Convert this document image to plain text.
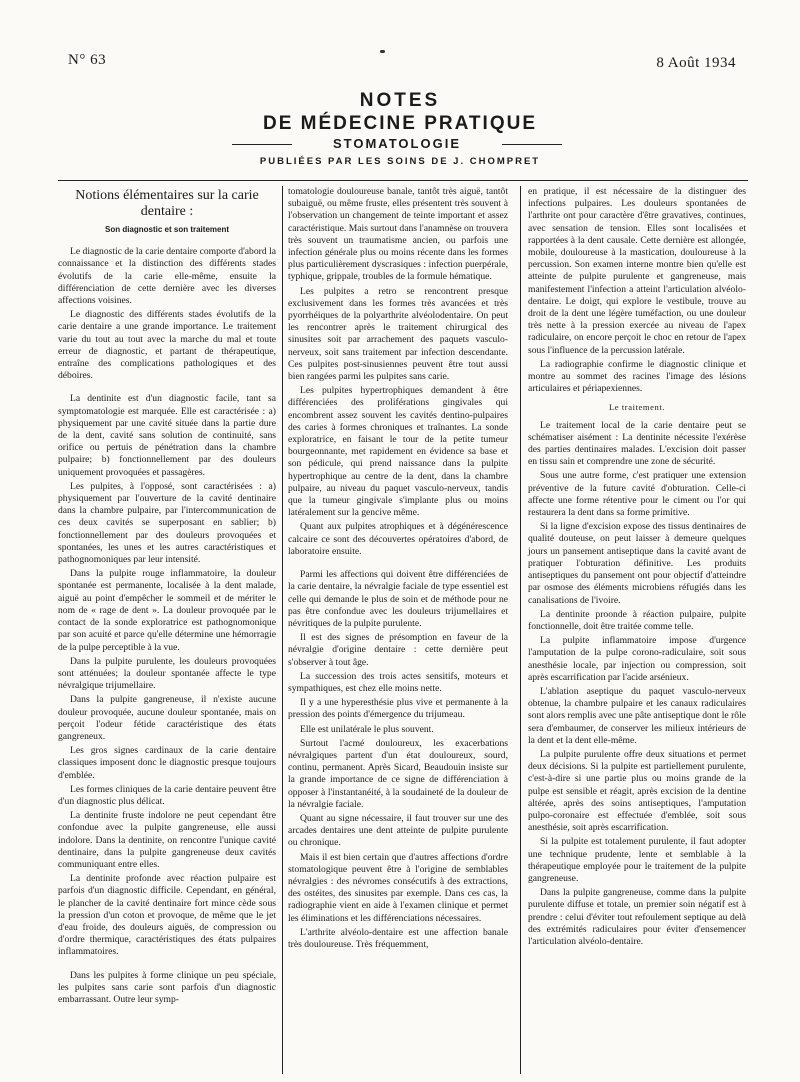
N° 63	8 Août 1934
NOTES
DE MÉDECINE PRATIQUE
STOMATOLOGIE
PUBLIÉES PAR LES SOINS DE J. CHOMPRET
Notions élémentaires sur la carie dentaire :
Son diagnostic et son traitement

Le diagnostic de la carie dentaire comporte d'abord la connaissance et la distinction des différents stades évolutifs de la carie elle-même, ensuite la différenciation de cette dernière avec les diverses affections voisines.

Le diagnostic des différents stades évolutifs de la carie dentaire a une grande importance. Le traitement varie du tout au tout avec la marche du mal et toute erreur de diagnostic, et partant de thérapeutique, entraîne des complications pathologiques et des déboires.

La dentinite est d'un diagnostic facile, tant sa symptomatologie est marquée. Elle est caractérisée : a) physiquement par une cavité située dans la partie dure de la dent, cavité sans solution de continuité, sans orifice ou pertuis de pénétration dans la chambre pulpaire; b) fonctionnellement par des douleurs uniquement provoquées et passagères.

Les pulpites, à l'opposé, sont caractérisées : a) physiquement par l'ouverture de la cavité dentinaire dans la chambre pulpaire, par l'intercommunication de ces deux cavités se superposant en sablier; b) fonctionnellement par des douleurs provoquées et spontanées, les unes et les autres caractéristiques et pathognomoniques par leur intensité.

Dans la pulpite rouge inflammatoire, la douleur spontanée est permanente, localisée à la dent malade, aiguë au point d'empêcher le sommeil et de mériter le nom de « rage de dent ». La douleur provoquée par le contact de la sonde exploratrice est pathognomonique par son acuité et parce qu'elle détermine une hémorragie de la pulpe perceptible à la vue.

Dans la pulpite purulente, les douleurs provoquées sont atténuées; la douleur spontanée affecte le type névralgique trijumellaire.

Dans la pulpite gangreneuse, il n'existe aucune douleur provoquée, aucune douleur spontanée, mais on perçoit l'odeur fétide caractéristique des états gangreneux.

Les gros signes cardinaux de la carie dentaire classiques imposent donc le diagnostic presque toujours d'emblée.

Les formes cliniques de la carie dentaire peuvent être d'un diagnostic plus délicat.

La dentinite fruste indolore ne peut cependant être confondue avec la pulpite gangreneuse, elle aussi indolore. Dans la dentinite, on rencontre l'unique cavité dentinaire, dans la pulpite gangreneuse deux cavités communiquant entre elles.

La dentinite profonde avec réaction pulpaire est parfois d'un diagnostic difficile. Cependant, en général, le plancher de la cavité dentinaire fort mince cède sous la pression d'un coton et provoque, de même que le jet d'eau froide, des douleurs aiguës, de compression ou d'ordre thermique, caractéristiques des états pulpaires inflammatoires.

Dans les pulpites à forme clinique un peu spéciale, les pulpites sans carie sont parfois d'un diagnostic embarrassant. Outre leur symp-

tomatologie douloureuse banale, tantôt très aiguë, tantôt subaiguë, ou même fruste, elles présentent très souvent à l'observation un changement de teinte important et assez caractéristique. Mais surtout dans l'anamnèse on trouvera très souvent un traumatisme ancien, ou parfois une infection générale plus ou moins récente dans les formes plus particulièrement dyscrasiques : infection puerpérale, typhique, grippale, troubles de la formule hématique.

Les pulpites a retro se rencontrent presque exclusivement dans les formes très avancées et très pyorrhéiques de la polyarthrite alvéolodentaire. On peut les rencontrer après le traitement chirurgical des sinusites soit par arrachement des paquets vasculo-nerveux, soit sans traitement par infection descendante. Ces pulpites post-sinusiennes peuvent être tout aussi bien rangées parmi les pulpites sans carie.

Les pulpites hypertrophiques demandent à être différenciées des proliférations gingivales qui encombrent assez souvent les cavités dentino-pulpaires des caries à formes chroniques et traînantes. La sonde exploratrice, en faisant le tour de la petite tumeur bourgeonnante, met rapidement en évidence sa base et son pédicule, qui prend naissance dans la pulpite hypertrophique au centre de la dent, dans la chambre pulpaire, au niveau du paquet vasculo-nerveux, tandis que la tumeur gingivale s'implante plus ou moins latéralement sur la gencive même.

Quant aux pulpites atrophiques et à dégénérescence calcaire ce sont des découvertes opératoires d'abord, de laboratoire ensuite.

Parmi les affections qui doivent être différenciées de la carie dentaire, la névralgie faciale de type essentiel est celle qui demande le plus de soin et de méthode pour ne pas être confondue avec les douleurs trijumellaires et névritiques de la pulpite purulente.

Il est des signes de présomption en faveur de la névralgie d'origine dentaire : cette dernière peut s'observer à tout âge.

La succession des trois actes sensitifs, moteurs et sympathiques, est chez elle moins nette.

Il y a une hyperesthésie plus vive et permanente à la pression des points d'émergence du trijumeau.

Elle est unilatérale le plus souvent.

Surtout l'acmé douloureux, les exacerbations névralgiques partent d'un état douloureux, sourd, continu, permanent. Après Sicard, Beaudouin insiste sur la grande importance de ce signe de différenciation à opposer à l'instantanéité, à la soudaineté de la douleur de la névralgie faciale.

Quant au signe nécessaire, il faut trouver sur une des arcades dentaires une dent atteinte de pulpite purulente ou chronique.

Mais il est bien certain que d'autres affections d'ordre stomatologique peuvent être à l'origine de semblables névralgies : des névromes consécutifs à des extractions, des ostéites, des sinusites par exemple. Dans ces cas, la radiographie vient en aide à l'examen clinique et permet les éliminations et les différenciations nécessaires.

L'arthrite alvéolo-dentaire est une affection banale très douloureuse. Très fréquemment,

en pratique, il est nécessaire de la distinguer des infections pulpaires. Les douleurs spontanées de l'arthrite ont pour caractère d'être gravatives, continues, avec sensation de tension. Elles sont localisées et rapportées à la dent causale. Cette dernière est allongée, mobile, douloureuse à la mastication, douloureuse à la percussion. Son examen interne montre bien qu'elle est atteinte de pulpite purulente et gangreneuse, mais manifestement l'infection a atteint l'articulation alvéolo-dentaire. Le doigt, qui explore le vestibule, trouve au droit de la dent une légère tuméfaction, ou une douleur très nette à la pression exercée au niveau de l'apex radiculaire, on encore perçoit le choc en retour de l'apex sous l'influence de la percussion latérale.

La radiographie confirme le diagnostic clinique et montre au sommet des racines l'image des lésions articulaires et périapexiennes.

Le traitement.

Le traitement local de la carie dentaire peut se schématiser aisément : La dentinite nécessite l'exérèse des parties dentinaires malades. L'excision doit passer en tissu sain et comprendre une zone de sécurité.

Sous une autre forme, c'est pratiquer une extension préventive de la future cavité d'obturation. Celle-ci affecte une forme rétentive pour le ciment ou l'or qui restaurera la dent dans sa forme primitive.

Si la ligne d'excision expose des tissus dentinaires de qualité douteuse, on peut laisser à demeure quelques jours un pansement antiseptique dans la cavité avant de pratiquer l'obturation définitive. Les produits antiseptiques du pansement ont pour objectif d'atteindre par osmose des éléments microbiens réfugiés dans les canalisations de l'ivoire.

La dentinite proonde à réaction pulpaire, pulpite fonctionnelle, doit être traitée comme telle.

La pulpite inflammatoire impose d'urgence l'amputation de la pulpe corono-radiculaire, soit sous anesthésie locale, par injection ou compression, soit après escarrification par l'acide arsénieux.

L'ablation aseptique du paquet vasculo-nerveux obtenue, la chambre pulpaire et les canaux radiculaires sont alors remplis avec une pâte antiseptique dont le rôle sera d'embaumer, de conserver les milieux intérieurs de la dent et la dent elle-même.

La pulpite purulente offre deux situations et permet deux décisions. Si la pulpite est partiellement purulente, c'est-à-dire si une partie plus ou moins grande de la pulpe est sensible et réagit, après excision de la dentine altérée, après des soins antiseptiques, l'amputation pulpo-coronaire est effectuée d'emblée, soit sous anesthésie, soit après escarrification.

Si la pulpite est totalement purulente, il faut adopter une technique prudente, lente et semblable à la thérapeutique employée pour le traitement de la pulpite gangreneuse.

Dans la pulpite gangreneuse, comme dans la pulpite purulente diffuse et totale, un premier soin négatif est à prendre : celui d'éviter tout refoulement septique au delà des extrémités radiculaires pour éviter d'ensemencer l'articulation alvéolo-dentaire.
